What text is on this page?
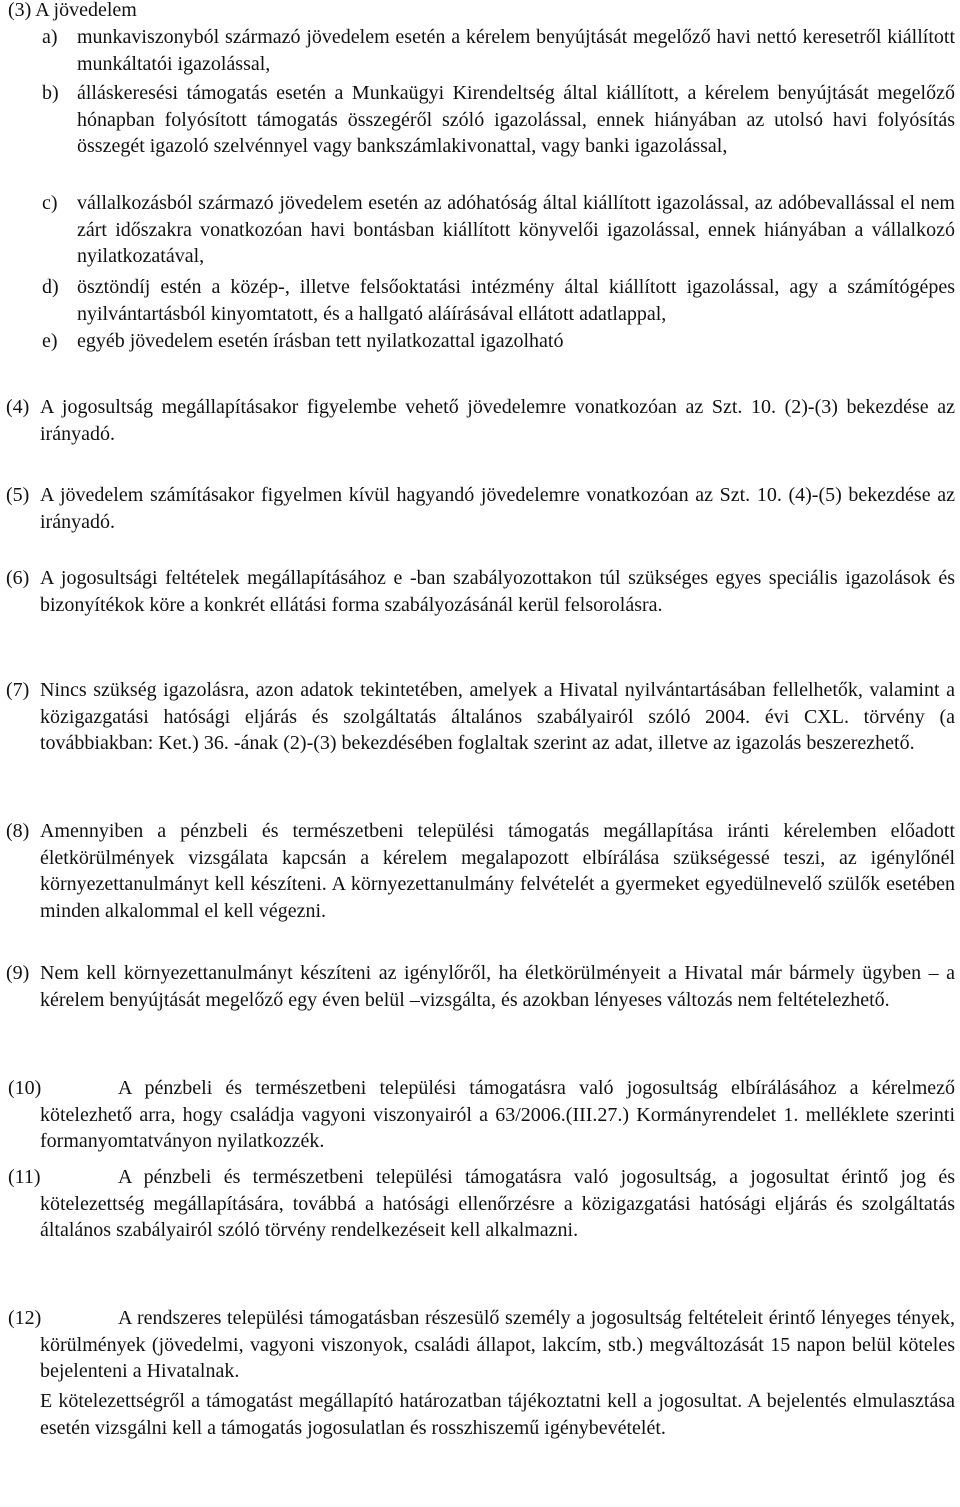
(3) A jövedelem
a) munkaviszonyból származó jövedelem esetén a kérelem benyújtását megelőző havi nettó keresetről kiállított munkáltatói igazolással,
b) álláskeresési támogatás esetén a Munkaügyi Kirendeltség által kiállított, a kérelem benyújtását megelőző hónapban folyósított támogatás összegéről szóló igazolással, ennek hiányában az utolsó havi folyósítás összegét igazoló szelvénnyel vagy bankszámlakivonattal, vagy banki igazolással,
c) vállalkozásból származó jövedelem esetén az adóhatóság által kiállított igazolással, az adóbevallással el nem zárt időszakra vonatkozóan havi bontásban kiállított könyvelői igazolással, ennek hiányában a vállalkozó nyilatkozatával,
d) ösztöndíj estén a közép-, illetve felsőoktatási intézmény által kiállított igazolással, agy a számítógépes nyilvántartásból kinyomtatott, és a hallgató aláírásával ellátott adatlappal,
e) egyéb jövedelem esetén írásban tett nyilatkozattal igazolható
(4) A jogosultság megállapításakor figyelembe vehető jövedelemre vonatkozóan az Szt. 10. (2)-(3) bekezdése az irányadó.
(5) A jövedelem számításakor figyelmen kívül hagyandó jövedelemre vonatkozóan az Szt. 10. (4)-(5) bekezdése az irányadó.
(6) A jogosultsági feltételek megállapításához e -ban szabályozottakon túl szükséges egyes speciális igazolások és bizonyítékok köre a konkrét ellátási forma szabályozásánál kerül felsorolásra.
(7) Nincs szükség igazolásra, azon adatok tekintetében, amelyek a Hivatal nyilvántartásában fellelhetők, valamint a közigazgatási hatósági eljárás és szolgáltatás általános szabályairól szóló 2004. évi CXL. törvény (a továbbiakban: Ket.) 36. -ának (2)-(3) bekezdésében foglaltak szerint az adat, illetve az igazolás beszerezhető.
(8) Amennyiben a pénzbeli és természetbeni települési támogatás megállapítása iránti kérelemben előadott életkörülmények vizsgálata kapcsán a kérelem megalapozott elbírálása szükségessé teszi, az igénylőnél környezettanulmányt kell készíteni. A környezettanulmány felvételét a gyermeket egyedülnevelő szülők esetében minden alkalommal el kell végezni.
(9) Nem kell környezettanulmányt készíteni az igénylőről, ha életkörülményeit a Hivatal már bármely ügyben – a kérelem benyújtását megelőző egy éven belül –vizsgálta, és azokban lényeses változás nem feltételezhető.
(10)	A pénzbeli és természetbeni települési támogatásra való jogosultság elbírálásához a kérelmező kötelezhető arra, hogy családja vagyoni viszonyairól a 63/2006.(III.27.) Kormányrendelet 1. melléklete szerinti formanyomtatványon nyilatkozzék.
(11)	A pénzbeli és természetbeni települési támogatásra való jogosultság, a jogosultat érintő jog és kötelezettség megállapítására, továbbá a hatósági ellenőrzésre a közigazgatási hatósági eljárás és szolgáltatás általános szabályairól szóló törvény rendelkezéseit kell alkalmazni.
(12)	A rendszeres települési támogatásban részesülő személy a jogosultság feltételeit érintő lényeges tények, körülmények (jövedelmi, vagyoni viszonyok, családi állapot, lakcím, stb.) megváltozását 15 napon belül köteles bejelenteni a Hivatalnak.
E kötelezettségről a támogatást megállapító határozatban tájékoztatni kell a jogosultat. A bejelentés elmulasztása esetén vizsgálni kell a támogatás jogosulatlan és rosszhiszemű igénybevételét.
